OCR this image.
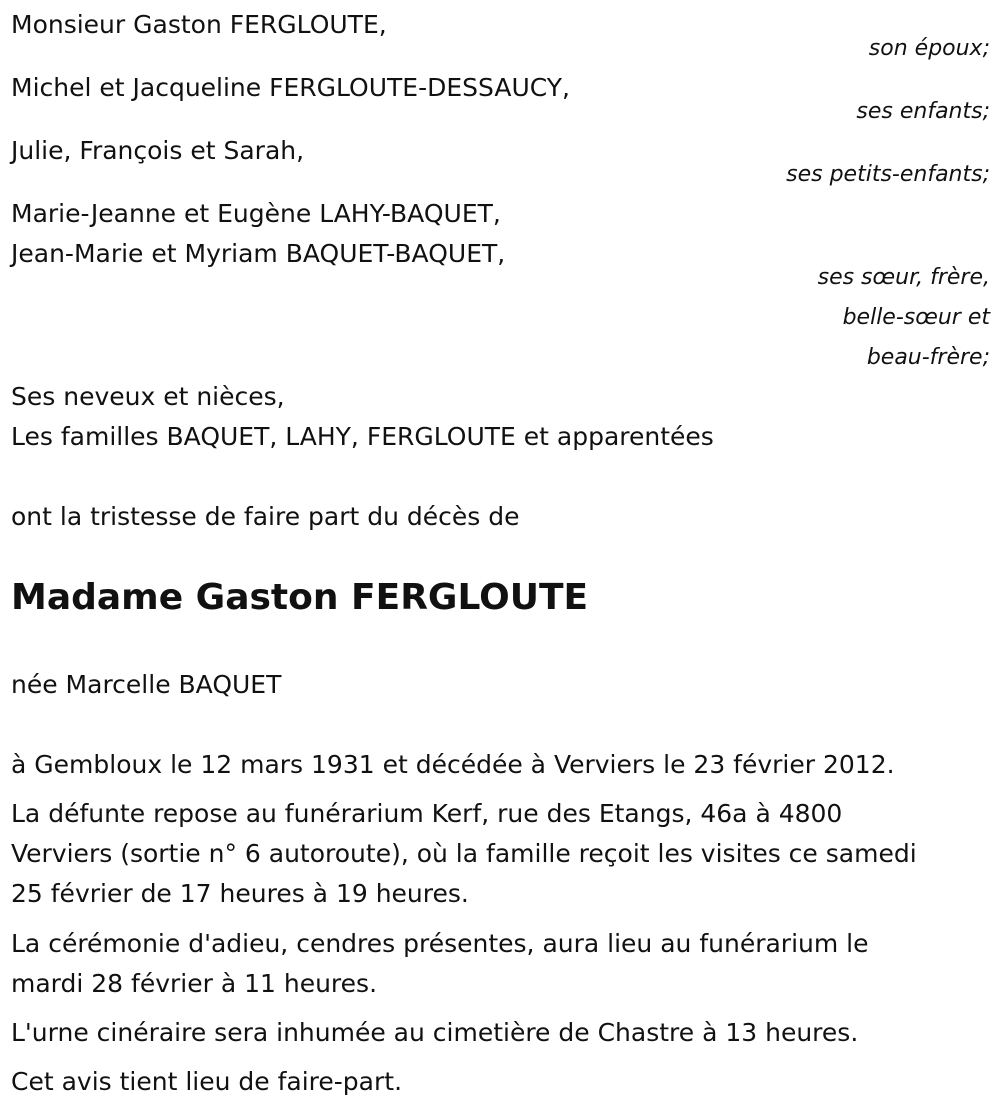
Monsieur Gaston FERGLOUTE,
son époux;
Michel et Jacqueline FERGLOUTE-DESSAUCY,
ses enfants;
Julie, François et Sarah,
ses petits-enfants;
Marie-Jeanne et Eugène LAHY-BAQUET,
Jean-Marie et Myriam BAQUET-BAQUET,
ses sœur, frère,
belle-sœur et
beau-frère;
Ses neveux et nièces,
Les familles BAQUET, LAHY, FERGLOUTE et apparentées
ont la tristesse de faire part du décès de
Madame Gaston FERGLOUTE
née Marcelle BAQUET
à Gembloux le 12 mars 1931 et décédée à Verviers le 23 février 2012.
La défunte repose au funérarium Kerf, rue des Etangs, 46a à 4800
Verviers (sortie n° 6 autoroute), où la famille reçoit les visites ce samedi
25 février de 17 heures à 19 heures.
La cérémonie d'adieu, cendres présentes, aura lieu au funérarium le
mardi 28 février à 11 heures.
L'urne cinéraire sera inhumée au cimetière de Chastre à 13 heures.
Cet avis tient lieu de faire-part.
